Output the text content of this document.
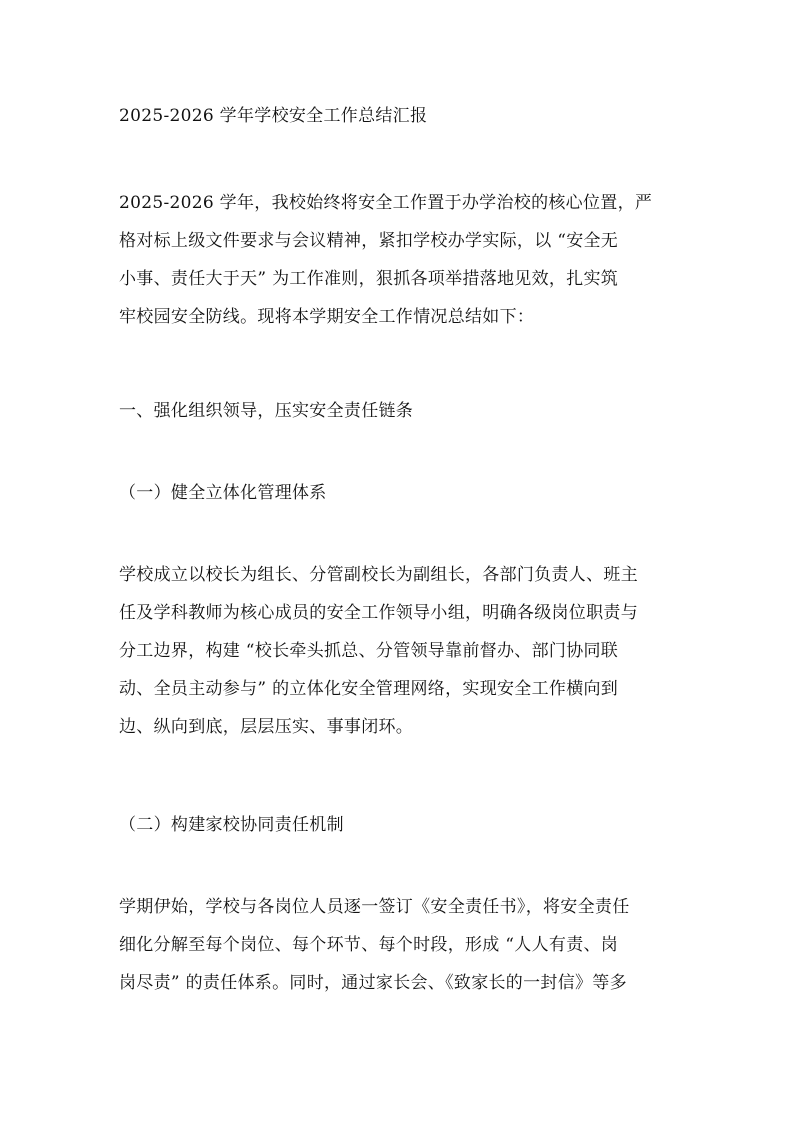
2025-2026 学年学校安全工作总结汇报
2025-2026 学年，我校始终将安全工作置于办学治校的核心位置，严
格对标上级文件要求与会议精神，紧扣学校办学实际，以 “安全无
小事、责任大于天” 为工作准则，狠抓各项举措落地见效，扎实筑
牢校园安全防线。现将本学期安全工作情况总结如下：
一、强化组织领导，压实安全责任链条
（一）健全立体化管理体系
学校成立以校长为组长、分管副校长为副组长，各部门负责人、班主
任及学科教师为核心成员的安全工作领导小组，明确各级岗位职责与
分工边界，构建 “校长牵头抓总、分管领导靠前督办、部门协同联
动、全员主动参与” 的立体化安全管理网络，实现安全工作横向到
边、纵向到底，层层压实、事事闭环。
（二）构建家校协同责任机制
学期伊始，学校与各岗位人员逐一签订《安全责任书》，将安全责任
细化分解至每个岗位、每个环节、每个时段，形成 “人人有责、岗
岗尽责” 的责任体系。同时，通过家长会、《致家长的一封信》等多
